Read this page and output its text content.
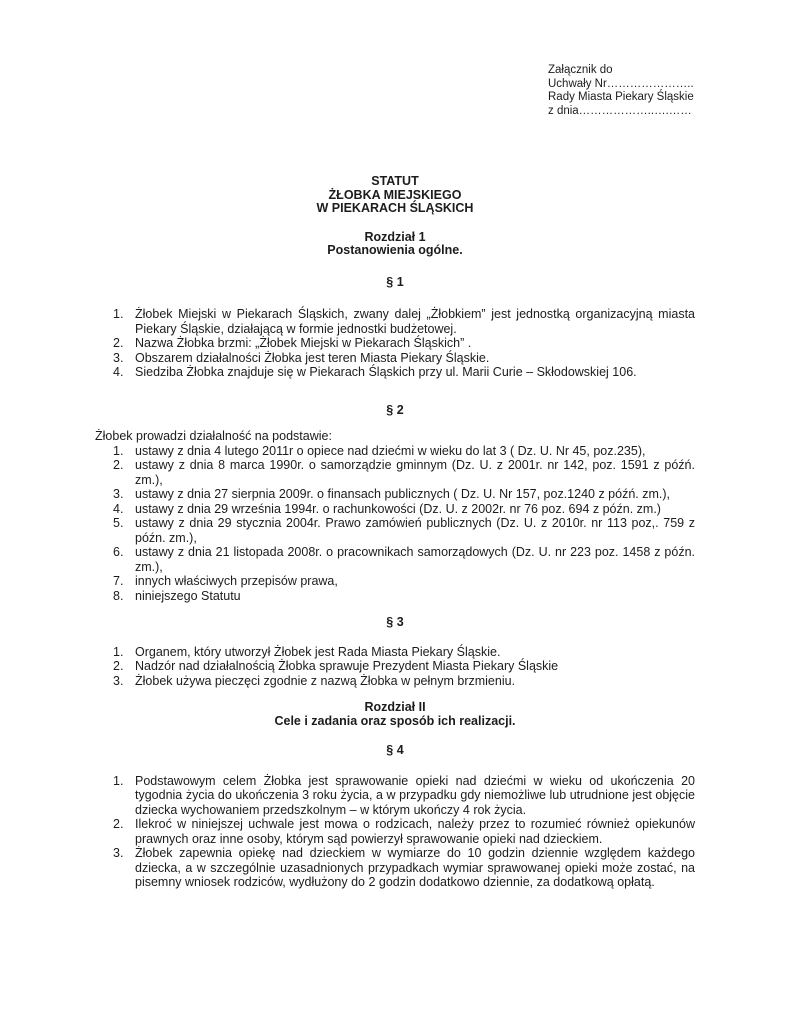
Załącznik do
Uchwały Nr…………………..
Rady Miasta Piekary Śląskie
z dnia………………..….……
STATUT
ŻŁOBKA MIEJSKIEGO
W PIEKARACH ŚLĄSKICH
Rozdział 1
Postanowienia ogólne.
§ 1
1. Żłobek Miejski w Piekarach Śląskich, zwany dalej „Żłobkiem” jest jednostką organizacyjną miasta Piekary Śląskie, działającą w formie jednostki budżetowej.
2. Nazwa Żłobka brzmi: „Żłobek Miejski w Piekarach Śląskich” .
3. Obszarem działalności Żłobka jest teren Miasta Piekary Śląskie.
4. Siedziba Żłobka znajduje się w Piekarach Śląskich przy ul. Marii Curie – Skłodowskiej 106.
§ 2
Żłobek prowadzi działalność na podstawie:
1. ustawy z dnia 4 lutego 2011r o opiece nad dziećmi w wieku do lat 3 ( Dz. U. Nr 45, poz.235),
2. ustawy z dnia 8 marca 1990r. o samorządzie gminnym (Dz. U. z 2001r. nr 142, poz. 1591 z późń. zm.),
3. ustawy z dnia 27 sierpnia 2009r. o finansach publicznych ( Dz. U. Nr 157, poz.1240 z późń. zm.),
4. ustawy z dnia 29 września 1994r. o rachunkowości (Dz. U. z 2002r. nr 76 poz. 694 z późn. zm.)
5. ustawy z dnia 29 stycznia 2004r. Prawo zamówień publicznych (Dz. U. z 2010r. nr 113 poz,. 759 z późn. zm.),
6. ustawy z dnia 21 listopada 2008r. o pracownikach samorządowych (Dz. U. nr 223 poz. 1458 z późn. zm.),
7. innych właściwych przepisów prawa,
8. niniejszego Statutu
§ 3
1. Organem, który utworzył Żłobek jest Rada Miasta Piekary Śląskie.
2. Nadzór nad działalnością Żłobka sprawuje Prezydent Miasta Piekary Śląskie
3. Żłobek używa pieczęci zgodnie z nazwą Żłobka w pełnym brzmieniu.
Rozdział II
Cele i zadania oraz sposób ich realizacji.
§ 4
1. Podstawowym celem Żłobka jest sprawowanie opieki nad dziećmi w wieku od ukończenia 20 tygodnia życia do ukończenia 3 roku życia, a w przypadku gdy niemożliwe lub utrudnione jest objęcie dziecka wychowaniem przedszkolnym – w którym ukończy 4 rok życia.
2. Ilekroć w niniejszej uchwale jest mowa o rodzicach, należy przez to rozumieć również opiekunów prawnych oraz inne osoby, którym sąd powierzył sprawowanie opieki nad dzieckiem.
3. Żłobek zapewnia opiekę nad dzieckiem w wymiarze do 10 godzin dziennie względem każdego dziecka, a w szczególnie uzasadnionych przypadkach wymiar sprawowanej opieki może zostać, na pisemny wniosek rodziców, wydłużony do 2 godzin dodatkowo dziennie, za dodatkową opłatą.
